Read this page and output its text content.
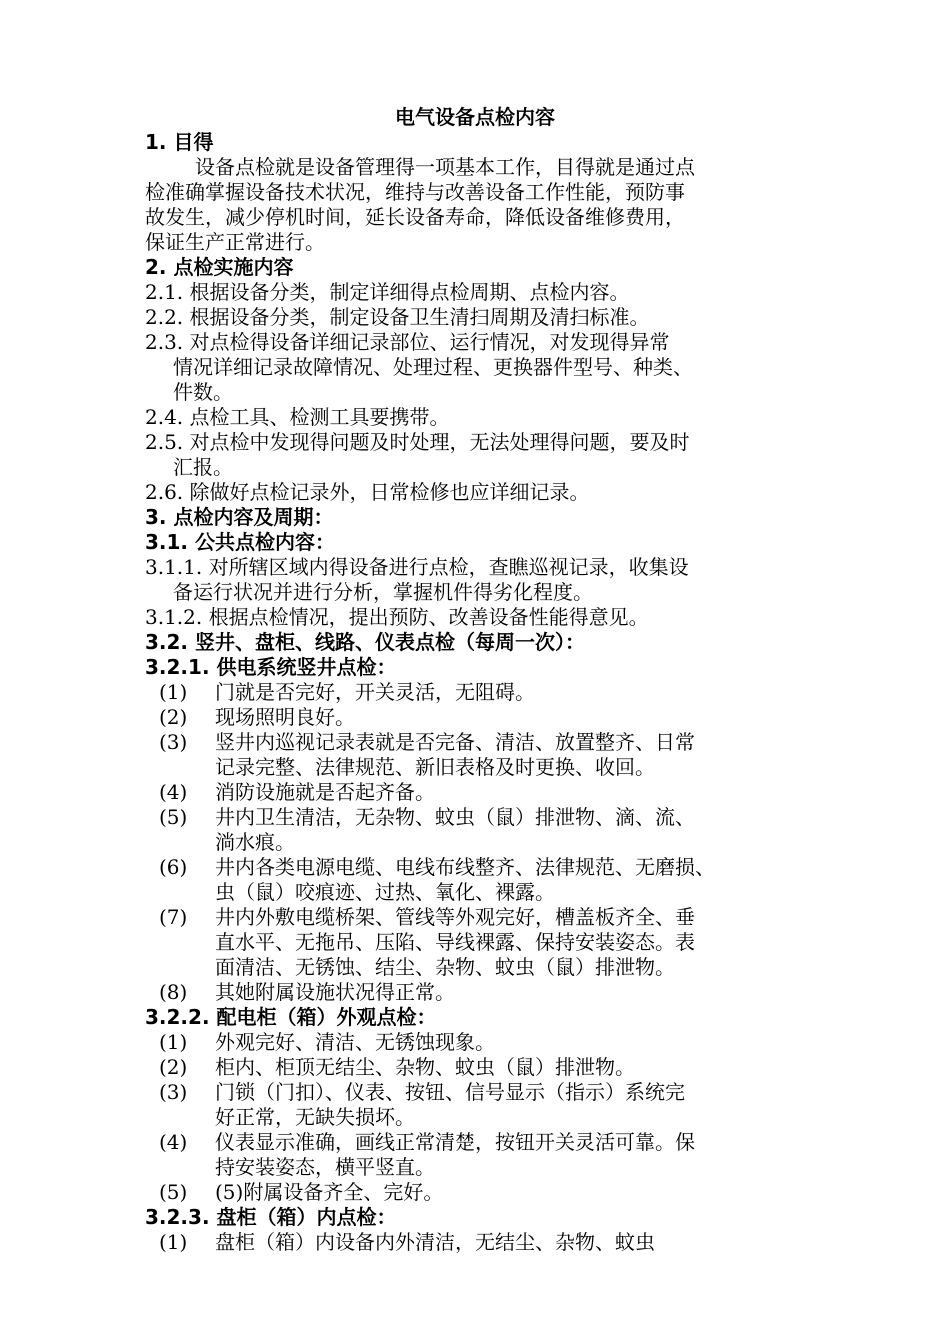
电气设备点检内容
1. 目得
设备点检就是设备管理得一项基本工作，目得就是通过点
检准确掌握设备技术状况，维持与改善设备工作性能，预防事
故发生，减少停机时间，延长设备寿命，降低设备维修费用，
保证生产正常进行。
2. 点检实施内容
2.1. 根据设备分类，制定详细得点检周期、点检内容。
2.2. 根据设备分类，制定设备卫生清扫周期及清扫标准。
2.3. 对点检得设备详细记录部位、运行情况，对发现得异常
情况详细记录故障情况、处理过程、更换器件型号、种类、
件数。
2.4. 点检工具、检测工具要携带。
2.5. 对点检中发现得问题及时处理，无法处理得问题，要及时
汇报。
2.6. 除做好点检记录外，日常检修也应详细记录。
3. 点检内容及周期：
3.1. 公共点检内容：
3.1.1. 对所辖区域内得设备进行点检，查瞧巡视记录，收集设
备运行状况并进行分析，掌握机件得劣化程度。
3.1.2. 根据点检情况，提出预防、改善设备性能得意见。
3.2. 竖井、盘柜、线路、仪表点检（每周一次）：
3.2.1. 供电系统竖井点检：
(1) 门就是否完好，开关灵活，无阻碍。
(2) 现场照明良好。
(3) 竖井内巡视记录表就是否完备、清洁、放置整齐、日常
记录完整、法律规范、新旧表格及时更换、收回。
(4) 消防设施就是否起齐备。
(5) 井内卫生清洁，无杂物、蚊虫（鼠）排泄物、滴、流、
淌水痕。
(6) 井内各类电源电缆、电线布线整齐、法律规范、无磨损、
虫（鼠）咬痕迹、过热、氧化、裸露。
(7) 井内外敷电缆桥架、管线等外观完好，槽盖板齐全、垂
直水平、无拖吊、压陷、导线裸露、保持安装姿态。表
面清洁、无锈蚀、结尘、杂物、蚊虫（鼠）排泄物。
(8) 其她附属设施状况得正常。
3.2.2. 配电柜（箱）外观点检：
(1) 外观完好、清洁、无锈蚀现象。
(2) 柜内、柜顶无结尘、杂物、蚊虫（鼠）排泄物。
(3) 门锁（门扣）、仪表、按钮、信号显示（指示）系统完
好正常，无缺失损坏。
(4) 仪表显示准确，画线正常清楚，按钮开关灵活可靠。保
持安装姿态，横平竖直。
(5) (5)附属设备齐全、完好。
3.2.3. 盘柜（箱）内点检：
(1) 盘柜（箱）内设备内外清洁，无结尘、杂物、蚊虫
